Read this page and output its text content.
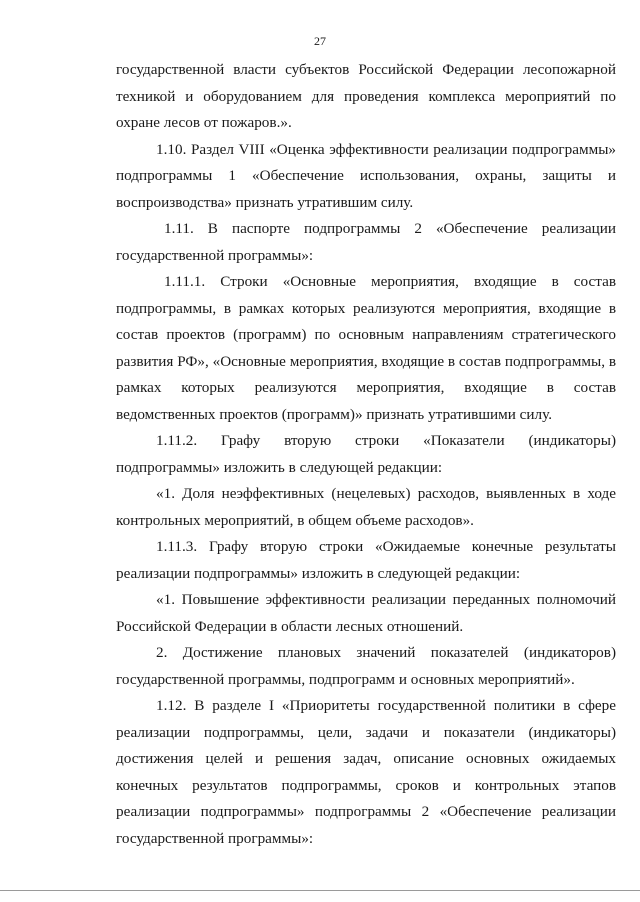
27

государственной власти субъектов Российской Федерации лесопожарной техникой и оборудованием для проведения комплекса мероприятий по охране лесов от пожаров.».

1.10. Раздел VIII «Оценка эффективности реализации подпрограммы» подпрограммы 1 «Обеспечение использования, охраны, защиты и воспроизводства» признать утратившим силу.

1.11. В паспорте подпрограммы 2 «Обеспечение реализации государственной программы»:

1.11.1. Строки «Основные мероприятия, входящие в состав подпрограммы, в рамках которых реализуются мероприятия, входящие в состав проектов (программ) по основным направлениям стратегического развития РФ», «Основные мероприятия, входящие в состав подпрограммы, в рамках которых реализуются мероприятия, входящие в состав ведомственных проектов (программ)» признать утратившими силу.

1.11.2. Графу вторую строки «Показатели (индикаторы) подпрограммы» изложить в следующей редакции:

«1. Доля неэффективных (нецелевых) расходов, выявленных в ходе контрольных мероприятий, в общем объеме расходов».

1.11.3. Графу вторую строки «Ожидаемые конечные результаты реализации подпрограммы» изложить в следующей редакции:

«1. Повышение эффективности реализации переданных полномочий Российской Федерации в области лесных отношений.

2. Достижение плановых значений показателей (индикаторов) государственной программы, подпрограмм и основных мероприятий».

1.12. В разделе I «Приоритеты государственной политики в сфере реализации подпрограммы, цели, задачи и показатели (индикаторы) достижения целей и решения задач, описание основных ожидаемых конечных результатов подпрограммы, сроков и контрольных этапов реализации подпрограммы» подпрограммы 2 «Обеспечение реализации государственной программы»:
